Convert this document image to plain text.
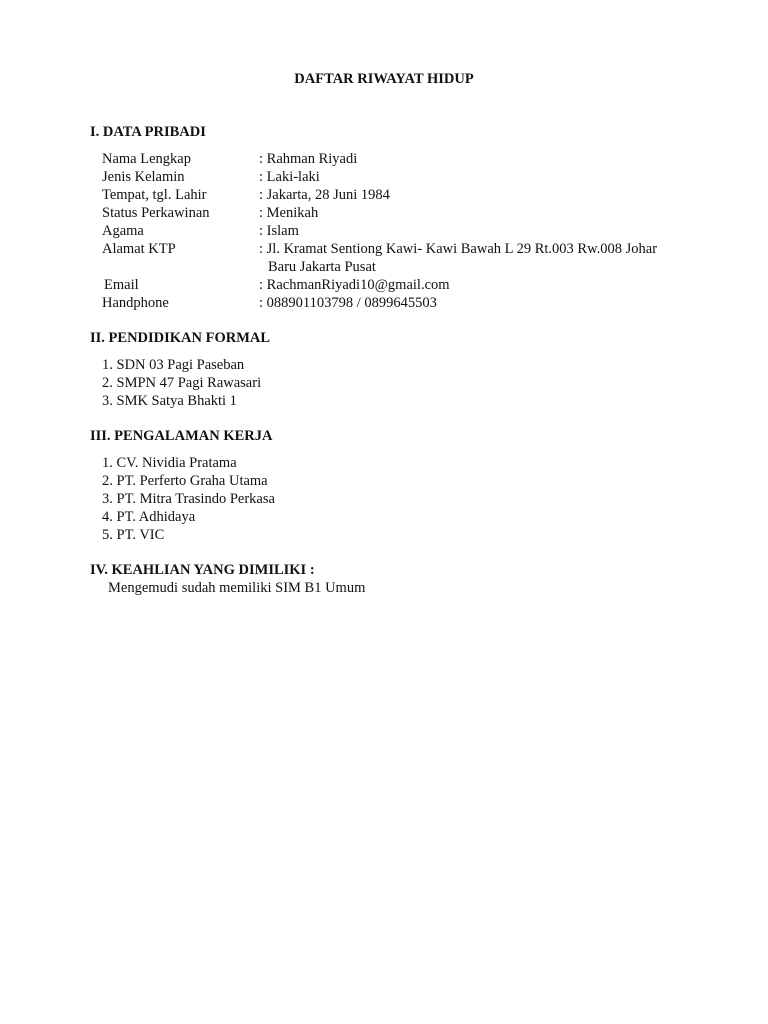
DAFTAR RIWAYAT HIDUP
I. DATA PRIBADI
Nama Lengkap	: Rahman Riyadi
Jenis Kelamin	: Laki-laki
Tempat, tgl. Lahir	: Jakarta, 28 Juni 1984
Status Perkawinan	: Menikah
Agama	: Islam
Alamat KTP	: Jl. Kramat Sentiong Kawi- Kawi Bawah L 29 Rt.003 Rw.008 Johar
Baru Jakarta Pusat
Email	: RachmanRiyadi10@gmail.com
Handphone	: 088901103798 / 0899645503
II. PENDIDIKAN FORMAL
1. SDN 03 Pagi Paseban
2. SMPN 47 Pagi Rawasari
3. SMK Satya Bhakti 1
III. PENGALAMAN KERJA
1. CV. Nividia Pratama
2. PT. Perferto Graha Utama
3. PT. Mitra Trasindo Perkasa
4. PT. Adhidaya
5. PT. VIC
IV. KEAHLIAN YANG DIMILIKI :
Mengemudi sudah memiliki SIM B1 Umum
